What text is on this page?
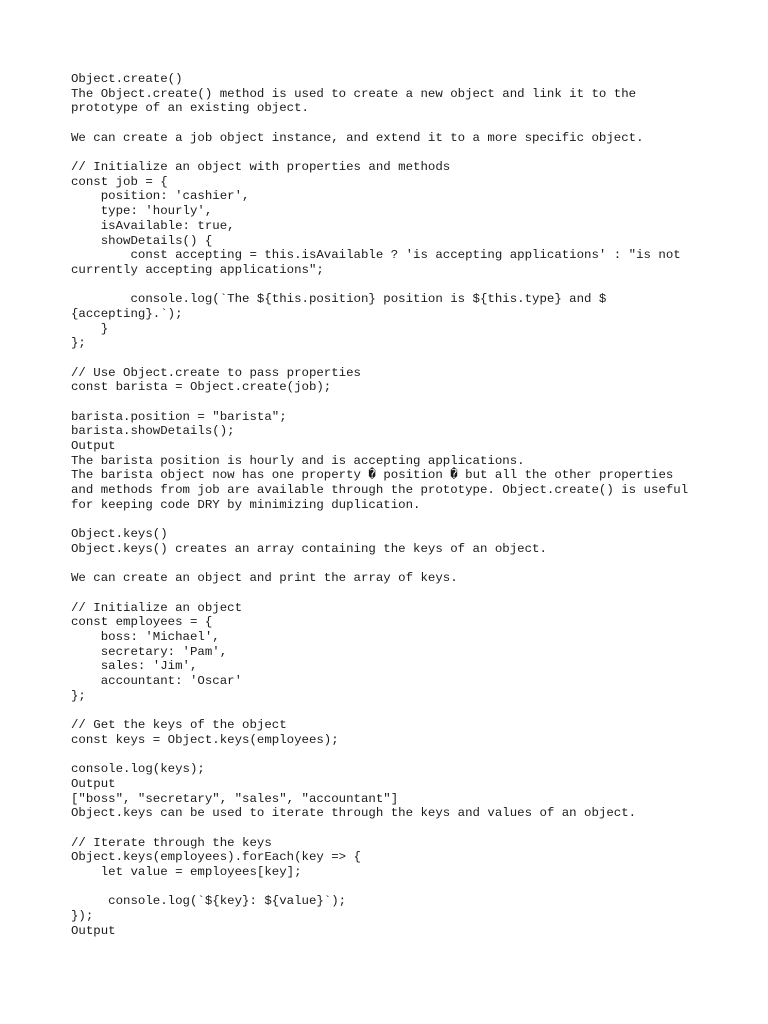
Object.create()
The Object.create() method is used to create a new object and link it to the
prototype of an existing object.
We can create a job object instance, and extend it to a more specific object.
// Initialize an object with properties and methods
const job = {
position: 'cashier',
type: 'hourly',
isAvailable: true,
showDetails() {
const accepting = this.isAvailable ? 'is accepting applications' : "is not
currently accepting applications";
console.log(`The ${this.position} position is ${this.type} and $
{accepting}.`);
}
};
// Use Object.create to pass properties
const barista = Object.create(job);
barista.position = "barista";
barista.showDetails();
Output
The barista position is hourly and is accepting applications.
The barista object now has one property � position � but all the other properties
and methods from job are available through the prototype. Object.create() is useful
for keeping code DRY by minimizing duplication.
Object.keys()
Object.keys() creates an array containing the keys of an object.
We can create an object and print the array of keys.
// Initialize an object
const employees = {
boss: 'Michael',
secretary: 'Pam',
sales: 'Jim',
accountant: 'Oscar'
};
// Get the keys of the object
const keys = Object.keys(employees);
console.log(keys);
Output
["boss", "secretary", "sales", "accountant"]
Object.keys can be used to iterate through the keys and values of an object.
// Iterate through the keys
Object.keys(employees).forEach(key => {
let value = employees[key];
console.log(`${key}: ${value}`);
});
Output
